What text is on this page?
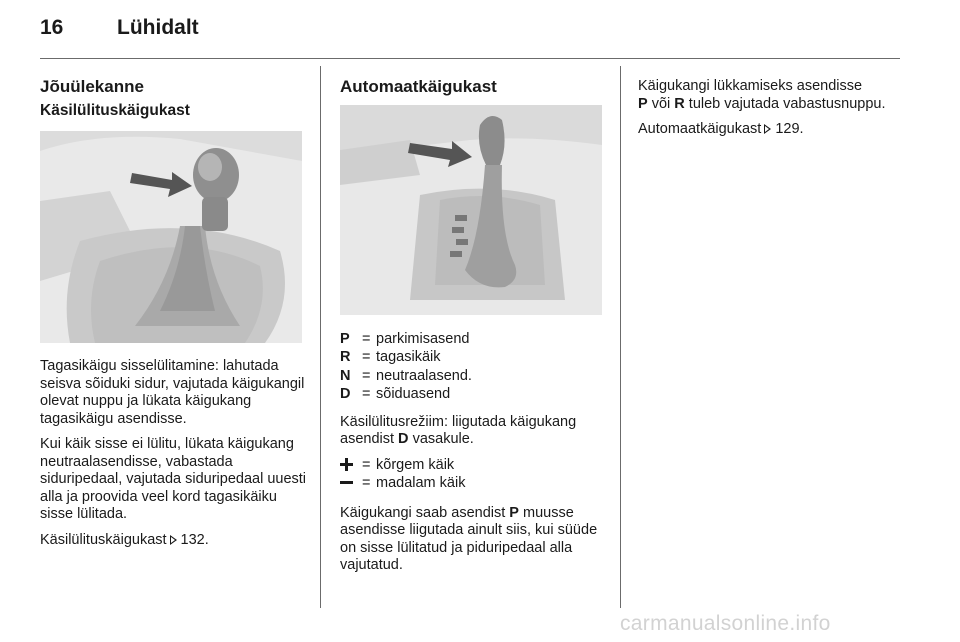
16	Lühidalt
Jõuülekanne
Käsilülituskäigukast

Tagasikäigu sisselülitamine: lahutada seisva sõiduki sidur, vajutada käigukangil olevat nuppu ja lükata käigukang tagasikäigu asendisse.

Kui käik sisse ei lülitu, lükata käigukang neutraalasendisse, vabastada siduripedaal, vajutada siduripedaal uuesti alla ja proovida veel kord tagasikäiku sisse lülitada.

Käsilülituskäigukast 132.

Automaatkäigukast
P = parkimisasend
R = tagasikäik
N = neutraalasend.
D = sõiduasend

Käsilülitusrežiim: liigutada käigukang asendist D vasakule.

= kõrgem käik
= madalam käik

Käigukangi saab asendist P muusse asendisse liigutada ainult siis, kui süüde on sisse lülitatud ja piduripedaal alla vajutatud.

Käigukangi lükkamiseks asendisse
P või R tuleb vajutada vabastusnuppu.

Automaatkäigukast 129.

carmanualsonline.info
